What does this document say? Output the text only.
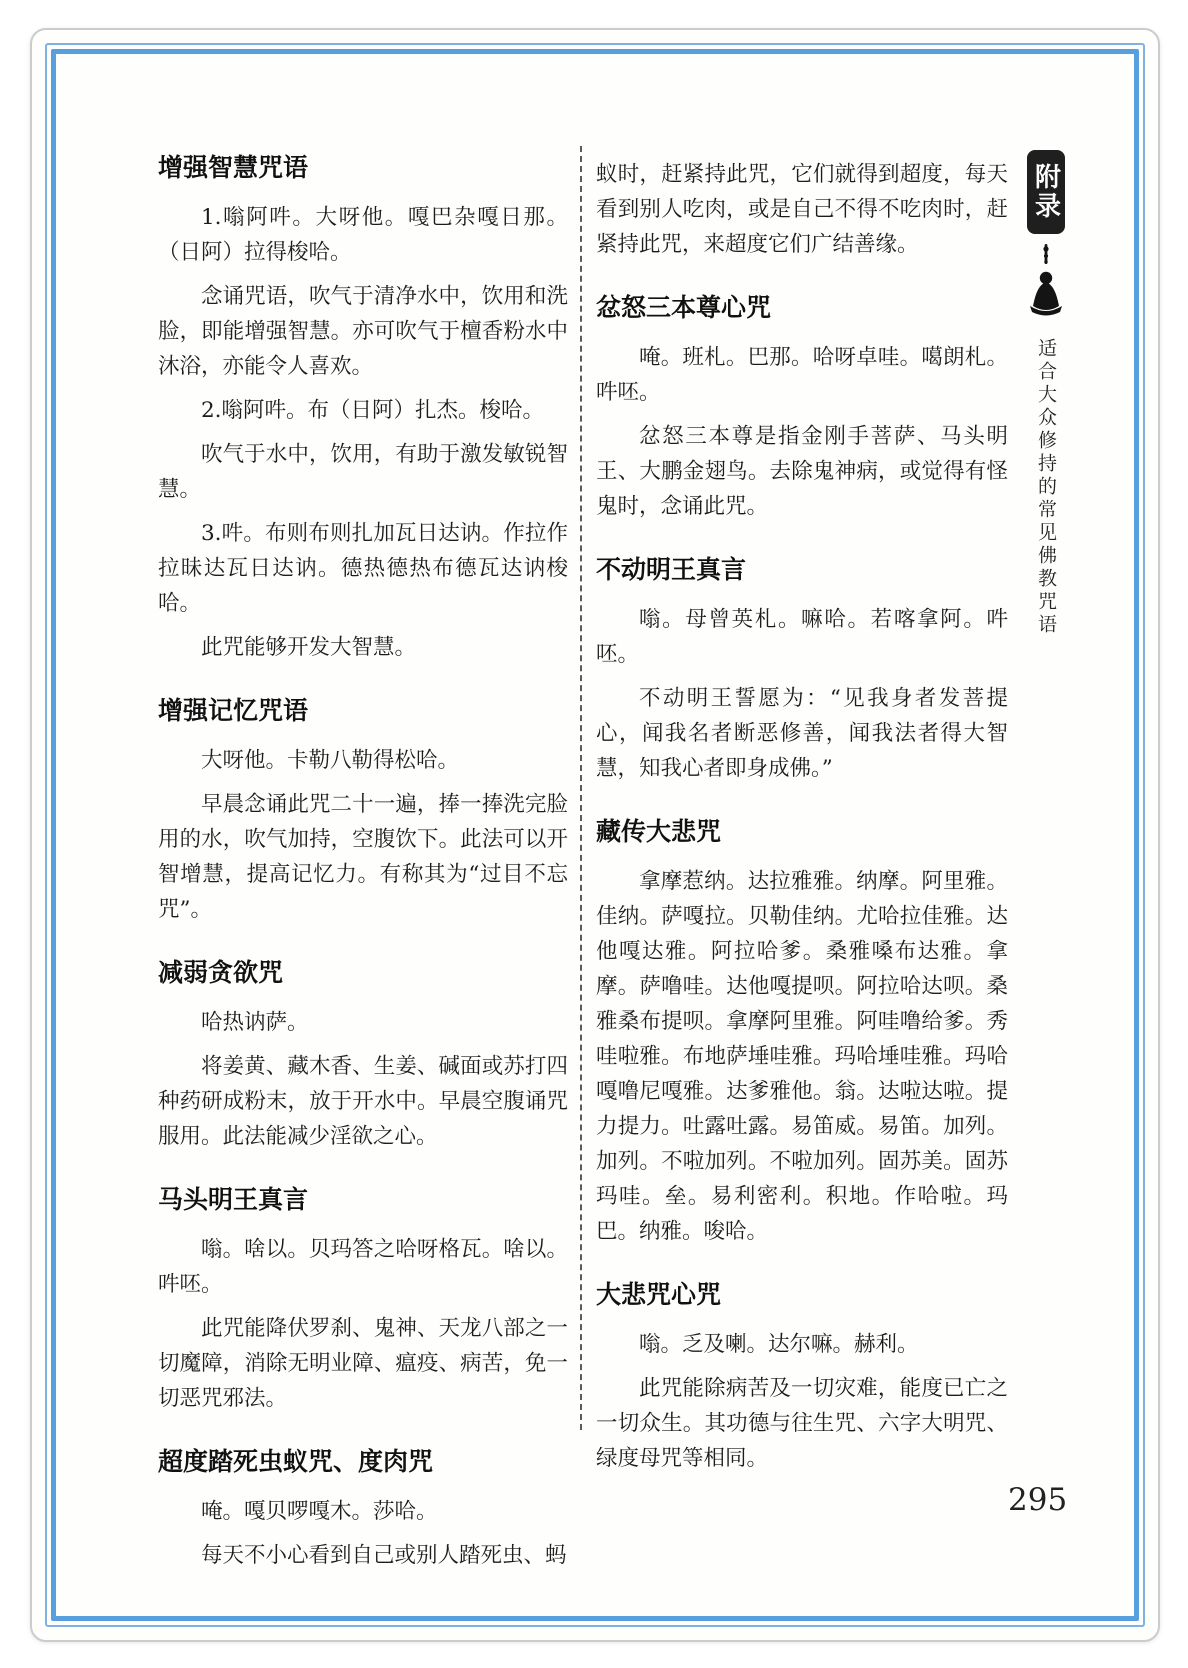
增强智慧咒语
1.嗡阿吽。大呀他。嘎巴杂嘎日那。（日阿）拉得梭哈。
念诵咒语，吹气于清净水中，饮用和洗脸，即能增强智慧。亦可吹气于檀香粉水中沐浴，亦能令人喜欢。
2.嗡阿吽。布（日阿）扎杰。梭哈。
吹气于水中，饮用，有助于激发敏锐智慧。
3.吽。布则布则扎加瓦日达讷。作拉作拉昧达瓦日达讷。德热德热布德瓦达讷梭哈。
此咒能够开发大智慧。
增强记忆咒语
大呀他。卡勒八勒得松哈。
早晨念诵此咒二十一遍，捧一捧洗完脸用的水，吹气加持，空腹饮下。此法可以开智增慧，提高记忆力。有称其为“过目不忘咒”。
减弱贪欲咒
哈热讷萨。
将姜黄、藏木香、生姜、碱面或苏打四种药研成粉末，放于开水中。早晨空腹诵咒服用。此法能减少淫欲之心。
马头明王真言
嗡。啥以。贝玛答之哈呀格瓦。啥以。吽呸。
此咒能降伏罗刹、鬼神、天龙八部之一切魔障，消除无明业障、瘟疫、病苦，免一切恶咒邪法。
超度踏死虫蚁咒、度肉咒
唵。嘎贝啰嘎木。莎哈。
每天不小心看到自己或别人踏死虫、蚂
蚁时，赶紧持此咒，它们就得到超度，每天看到别人吃肉，或是自己不得不吃肉时，赶紧持此咒，来超度它们广结善缘。
忿怒三本尊心咒
唵。班札。巴那。哈呀卓哇。噶朗札。吽呸。
忿怒三本尊是指金刚手菩萨、马头明王、大鹏金翅鸟。去除鬼神病，或觉得有怪鬼时，念诵此咒。
不动明王真言
嗡。母曾英札。嘛哈。若喀拿阿。吽呸。
不动明王誓愿为：“见我身者发菩提心，闻我名者断恶修善，闻我法者得大智慧，知我心者即身成佛。”
藏传大悲咒
拿摩惹纳。达拉雅雅。纳摩。阿里雅。佳纳。萨嘎拉。贝勒佳纳。尤哈拉佳雅。达他嘎达雅。阿拉哈爹。桑雅嗓布达雅。拿摩。萨噜哇。达他嘎提呗。阿拉哈达呗。桑雅桑布提呗。拿摩阿里雅。阿哇噜给爹。秀哇啦雅。布地萨埵哇雅。玛哈埵哇雅。玛哈嘎噜尼嘎雅。达爹雅他。翁。达啦达啦。提力提力。吐露吐露。易笛威。易笛。加列。加列。不啦加列。不啦加列。固苏美。固苏玛哇。垒。易利密利。积地。作哈啦。玛巴。纳雅。唆哈。
大悲咒心咒
嗡。乏及喇。达尔嘛。赫利。
此咒能除病苦及一切灾难，能度已亡之一切众生。其功德与往生咒、六字大明咒、绿度母咒等相同。
附录
适合大众修持的常见佛教咒语
295
